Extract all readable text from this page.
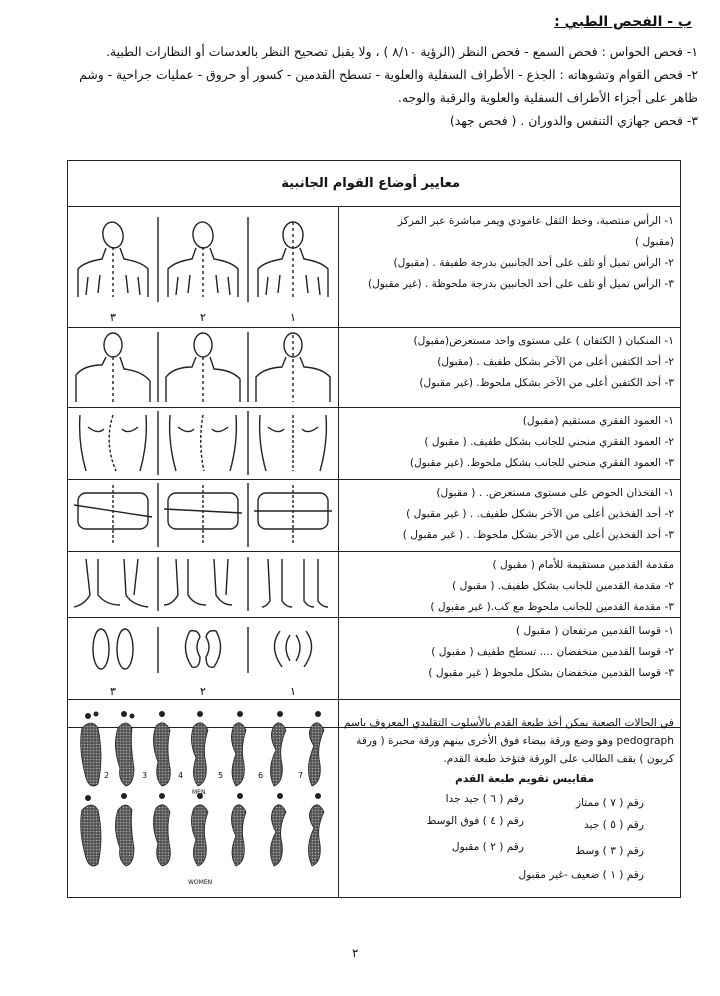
ب - الفحص الطبي :

١- فحص الحواس : فحص السمع - فحص النظر (الرؤية ٨/١٠ ) ، ولا يقبل تصحيح النظر بالعدسات أو النظارات الطبية.

٢- فحص القوام وتشوهاته : الجذع - الأطراف السفلية والعلوية - تسطح القدمين - كسور أو حروق - عمليات جراحية - وشم

ظاهر على أجزاء الأطراف السفلية والعلوية والرقبة والوجه.

٣- فحص جهازي التنفس والدوران . ( فحص جهد)

معايير أوضاع القوام الجانبية

١- الرأس منتصبة، وخط الثقل عامودي ويمر مباشرة عبر المركز

(مقبول )

٢- الرأس تميل أو تلف على أحد الجانبين بدرجة طفيفة . (مقبول)

٣- الرأس تميل أو تلف على أحد الجانبين بدرجة ملحوظة . (غير مقبول)

١
٢
٣

١- المنكبان ( الكتفان ) على مستوى واحد مستعرض(مقبول)

٢- أحد الكتفين أعلى من الآخر بشكل طفيف . (مقبول)

٣- أحد الكتفين أعلى من الآخر بشكل ملحوظ. (غير مقبول)

١- العمود الفقري مستقيم (مقبول)

٢- العمود الفقري منحني للجانب بشكل طفيف. ( مقبول )

٣- العمود الفقري منحني للجانب بشكل ملحوظ. (غير مقبول)

١- الفخذان الحوض على مستوى مستعرض. . ( مقبول)

٢- أحد الفخذين أعلى من الآخر بشكل طفيف. . ( غير مقبول )

٣- أحد الفخذين أعلى من الآخر بشكل ملحوظ. . ( غير مقبول )

مقدمة القدمين مستقيمة للأمام ( مقبول )

٢- مقدمة القدمين للجانب بشكل طفيف. ( مقبول )

٣- مقدمة القدمين للجانب ملحوظ مع كب.( غير مقبول )

١- قوسا القدمين مرتفعان ( مقبول )

٢- قوسا القدمين منخفضان .... تسطح طفيف ( مقبول )

٣- قوسا القدمين منخفضان بشكل ملحوظ ( غير مقبول )

١
٢
٣

في الحالات الصعبة يمكن أخذ طبعة القدم بالأسلوب التقليدي المعروف باسم pedograph وهو وضع ورقة بيضاء فوق الأخرى بينهم ورقة محبرة ( ورقة كربون ) يقف الطالب على الورقة فتؤخذ طبعة القدم.

مقاييس تقويم طبعة القدم

رقم ( ٧ ) ممتاز
رقم ( ٦ ) جيد جدا
رقم ( ٥ ) جيد
رقم ( ٤ ) فوق الوسط
رقم ( ٣ ) وسط
رقم ( ٢ ) مقبول
رقم ( ١ ) ضعيف -غير مقبول
2	3	4	5	6	7
MEN
WOMEN
٢
